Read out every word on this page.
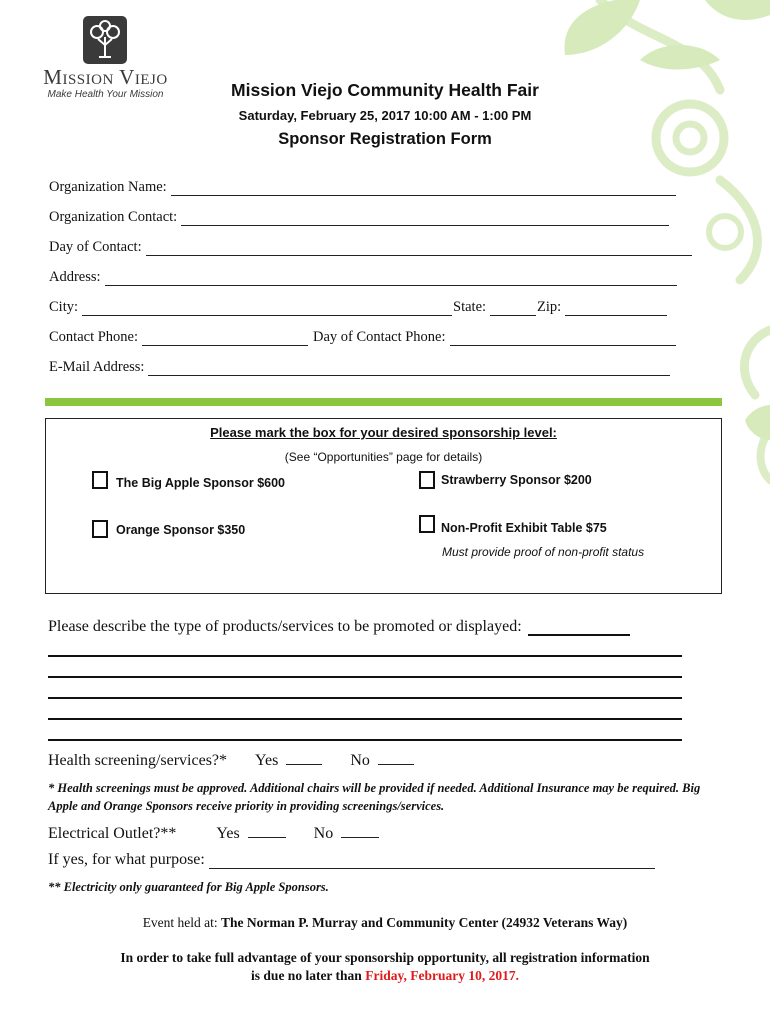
Mission Viejo
Make Health Your Mission	Mission Viejo Community Health Fair
Saturday, February 25, 2017 10:00 AM - 1:00 PM
Sponsor Registration Form
Organization Name:
Organization Contact:
Day of Contact:
Address:
City:	State:	Zip:
Contact Phone:	Day of Contact Phone:
E-Mail Address:
Please mark the box for your desired sponsorship level:
(See “Opportunities” page for details)
The Big Apple Sponsor $600	Strawberry Sponsor $200
Orange Sponsor $350	Non-Profit Exhibit Table $75
Must provide proof of non-profit status
Please describe the type of products/services to be promoted or displayed:
Health screening/services?* Yes	No
* Health screenings must be approved. Additional chairs will be provided if needed. Additional Insurance may be required. Big Apple and Orange Sponsors receive priority in providing screenings/services.
Electrical Outlet?**	Yes	No
If yes, for what purpose:
** Electricity only guaranteed for Big Apple Sponsors.
Event held at: The Norman P. Murray and Community Center (24932 Veterans Way)
In order to take full advantage of your sponsorship opportunity, all registration information is due no later than Friday, February 10, 2017.
